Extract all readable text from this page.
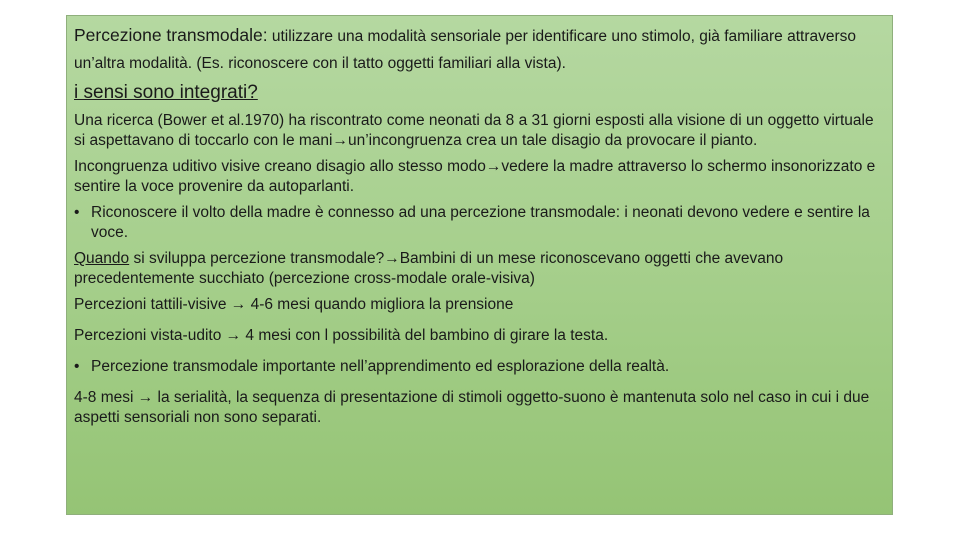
Percezione transmodale: utilizzare una modalità sensoriale per identificare uno stimolo, già familiare attraverso un’altra modalità. (Es. riconoscere con il tatto oggetti familiari alla vista).

i sensi sono integrati?

Una ricerca (Bower et al.1970) ha riscontrato come neonati da 8 a 31 giorni esposti alla visione di un oggetto virtuale si aspettavano di toccarlo con le mani→un’incongruenza crea un tale disagio da provocare il pianto.

Incongruenza uditivo visive creano disagio allo stesso modo→vedere la madre attraverso lo schermo insonorizzato e sentire la voce provenire da autoparlanti.

• Riconoscere il volto della madre è connesso ad una percezione transmodale: i neonati devono vedere e sentire la voce.

Quando si sviluppa percezione transmodale?→Bambini di un mese riconoscevano oggetti che avevano precedentemente succhiato (percezione cross-modale orale-visiva)

Percezioni tattili-visive → 4-6 mesi quando migliora la prensione

Percezioni vista-udito → 4 mesi con l possibilità del bambino di girare la testa.

• Percezione transmodale importante nell’apprendimento ed esplorazione della realtà.

4-8 mesi → la serialità, la sequenza di presentazione di stimoli oggetto-suono è mantenuta solo nel caso in cui i due aspetti sensoriali non sono separati.
